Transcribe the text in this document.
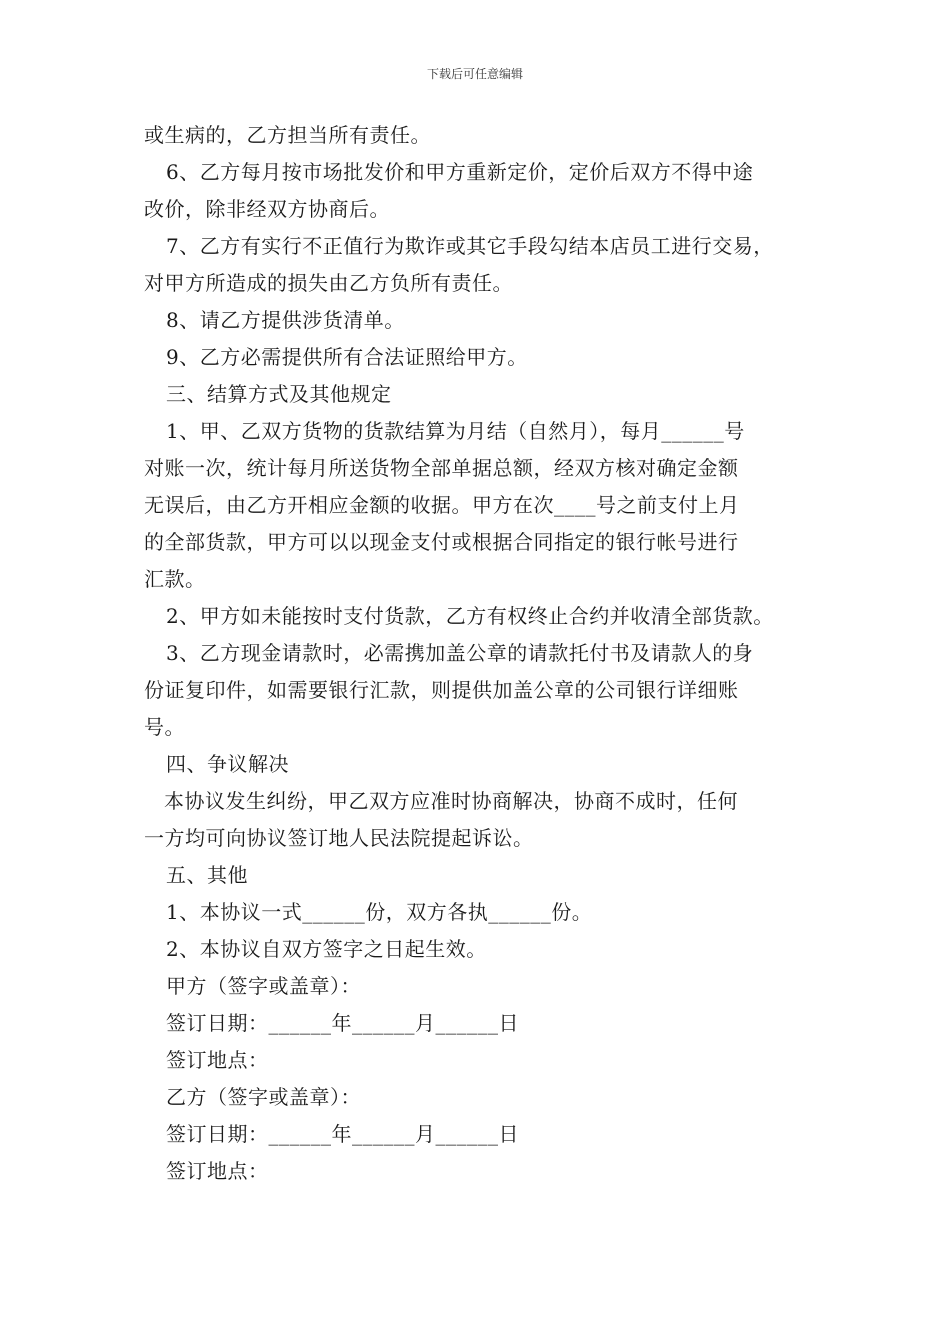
下载后可任意编辑
或生病的，乙方担当所有责任。
6、乙方每月按市场批发价和甲方重新定价，定价后双方不得中途
改价，除非经双方协商后。
7、乙方有实行不正值行为欺诈或其它手段勾结本店员工进行交易，
对甲方所造成的损失由乙方负所有责任。
8、请乙方提供涉货清单。
9、乙方必需提供所有合法证照给甲方。
三、结算方式及其他规定
1、甲、乙双方货物的货款结算为月结（自然月），每月______号
对账一次，统计每月所送货物全部单据总额，经双方核对确定金额
无误后，由乙方开相应金额的收据。甲方在次____号之前支付上月
的全部货款，甲方可以以现金支付或根据合同指定的银行帐号进行
汇款。
2、甲方如未能按时支付货款，乙方有权终止合约并收清全部货款。
3、乙方现金请款时，必需携加盖公章的请款托付书及请款人的身
份证复印件，如需要银行汇款，则提供加盖公章的公司银行详细账
号。
四、争议解决
本协议发生纠纷，甲乙双方应准时协商解决，协商不成时，任何
一方均可向协议签订地人民法院提起诉讼。
五、其他
1、本协议一式______份，双方各执______份。
2、本协议自双方签字之日起生效。
甲方（签字或盖章）：
签订日期：______年______月______日
签订地点：
乙方（签字或盖章）：
签订日期：______年______月______日
签订地点：
